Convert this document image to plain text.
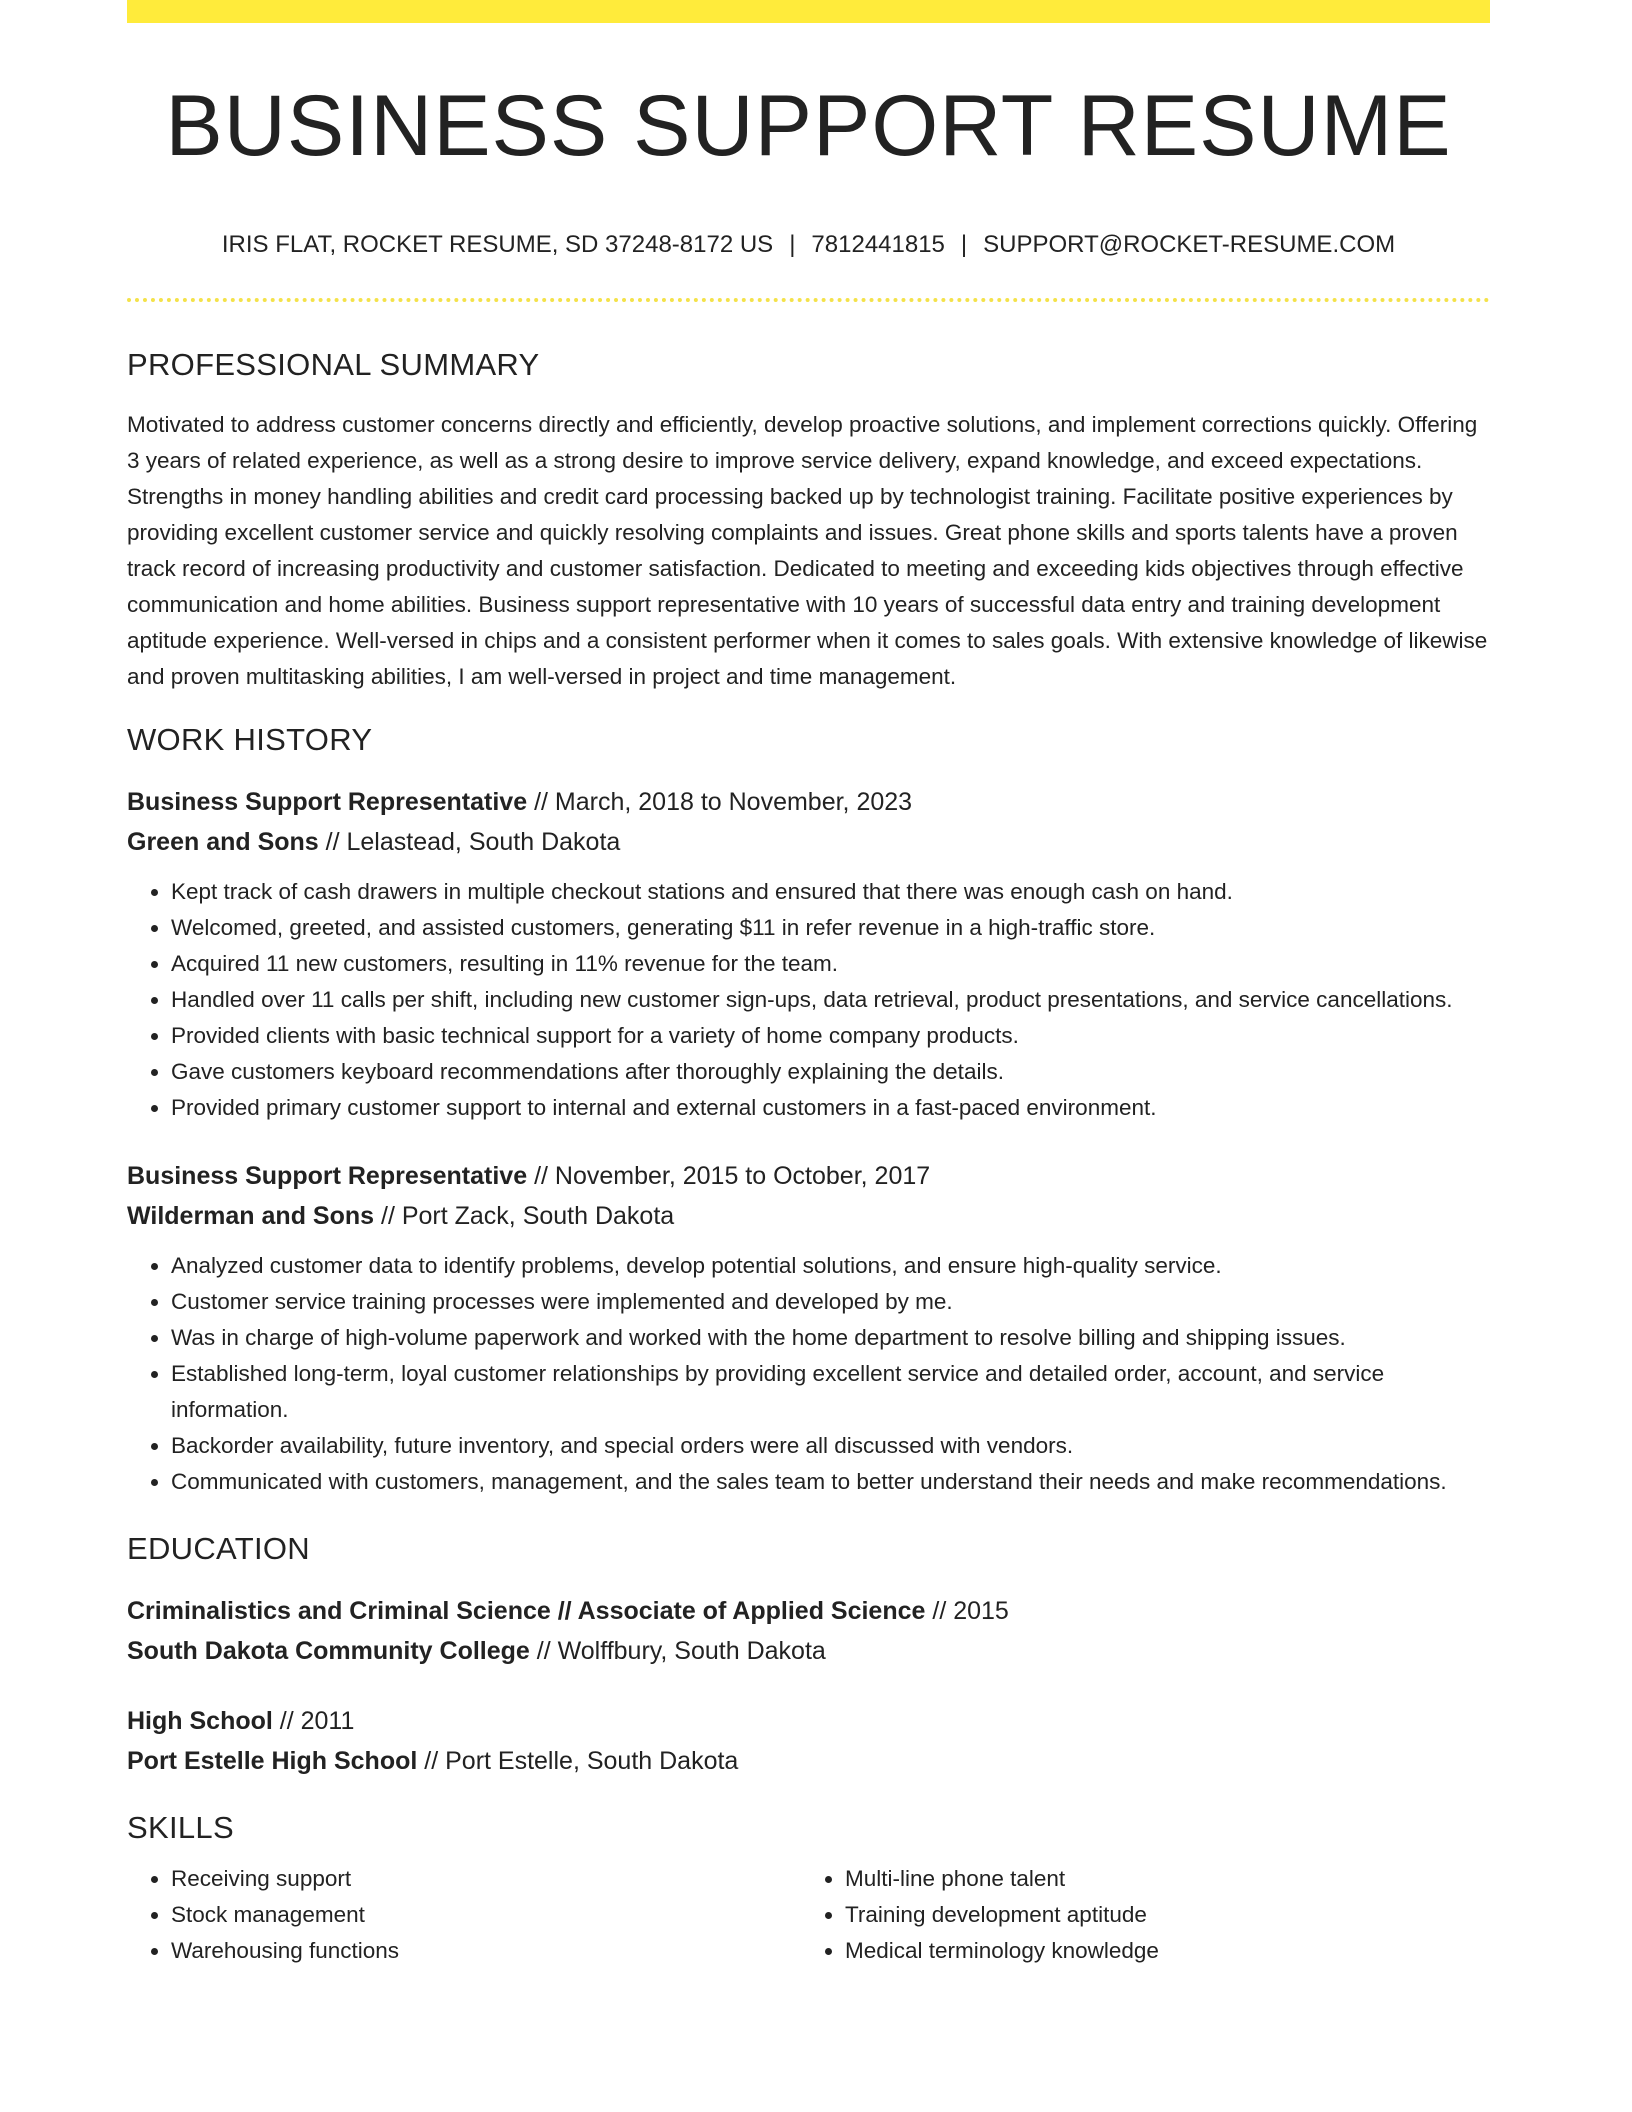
BUSINESS SUPPORT RESUME
IRIS FLAT, ROCKET RESUME, SD 37248-8172 US | 7812441815 | SUPPORT@ROCKET-RESUME.COM
PROFESSIONAL SUMMARY
Motivated to address customer concerns directly and efficiently, develop proactive solutions, and implement corrections quickly. Offering 3 years of related experience, as well as a strong desire to improve service delivery, expand knowledge, and exceed expectations. Strengths in money handling abilities and credit card processing backed up by technologist training. Facilitate positive experiences by providing excellent customer service and quickly resolving complaints and issues. Great phone skills and sports talents have a proven track record of increasing productivity and customer satisfaction. Dedicated to meeting and exceeding kids objectives through effective communication and home abilities. Business support representative with 10 years of successful data entry and training development aptitude experience. Well-versed in chips and a consistent performer when it comes to sales goals. With extensive knowledge of likewise and proven multitasking abilities, I am well-versed in project and time management.
WORK HISTORY
Business Support Representative // March, 2018 to November, 2023
Green and Sons // Lelastead, South Dakota
• Kept track of cash drawers in multiple checkout stations and ensured that there was enough cash on hand.
• Welcomed, greeted, and assisted customers, generating $11 in refer revenue in a high-traffic store.
• Acquired 11 new customers, resulting in 11% revenue for the team.
• Handled over 11 calls per shift, including new customer sign-ups, data retrieval, product presentations, and service cancellations.
• Provided clients with basic technical support for a variety of home company products.
• Gave customers keyboard recommendations after thoroughly explaining the details.
• Provided primary customer support to internal and external customers in a fast-paced environment.
Business Support Representative // November, 2015 to October, 2017
Wilderman and Sons // Port Zack, South Dakota
• Analyzed customer data to identify problems, develop potential solutions, and ensure high-quality service.
• Customer service training processes were implemented and developed by me.
• Was in charge of high-volume paperwork and worked with the home department to resolve billing and shipping issues.
• Established long-term, loyal customer relationships by providing excellent service and detailed order, account, and service information.
• Backorder availability, future inventory, and special orders were all discussed with vendors.
• Communicated with customers, management, and the sales team to better understand their needs and make recommendations.
EDUCATION
Criminalistics and Criminal Science // Associate of Applied Science // 2015
South Dakota Community College // Wolffbury, South Dakota
High School // 2011
Port Estelle High School // Port Estelle, South Dakota
SKILLS
• Receiving support
• Stock management
• Warehousing functions
• Multi-line phone talent
• Training development aptitude
• Medical terminology knowledge
